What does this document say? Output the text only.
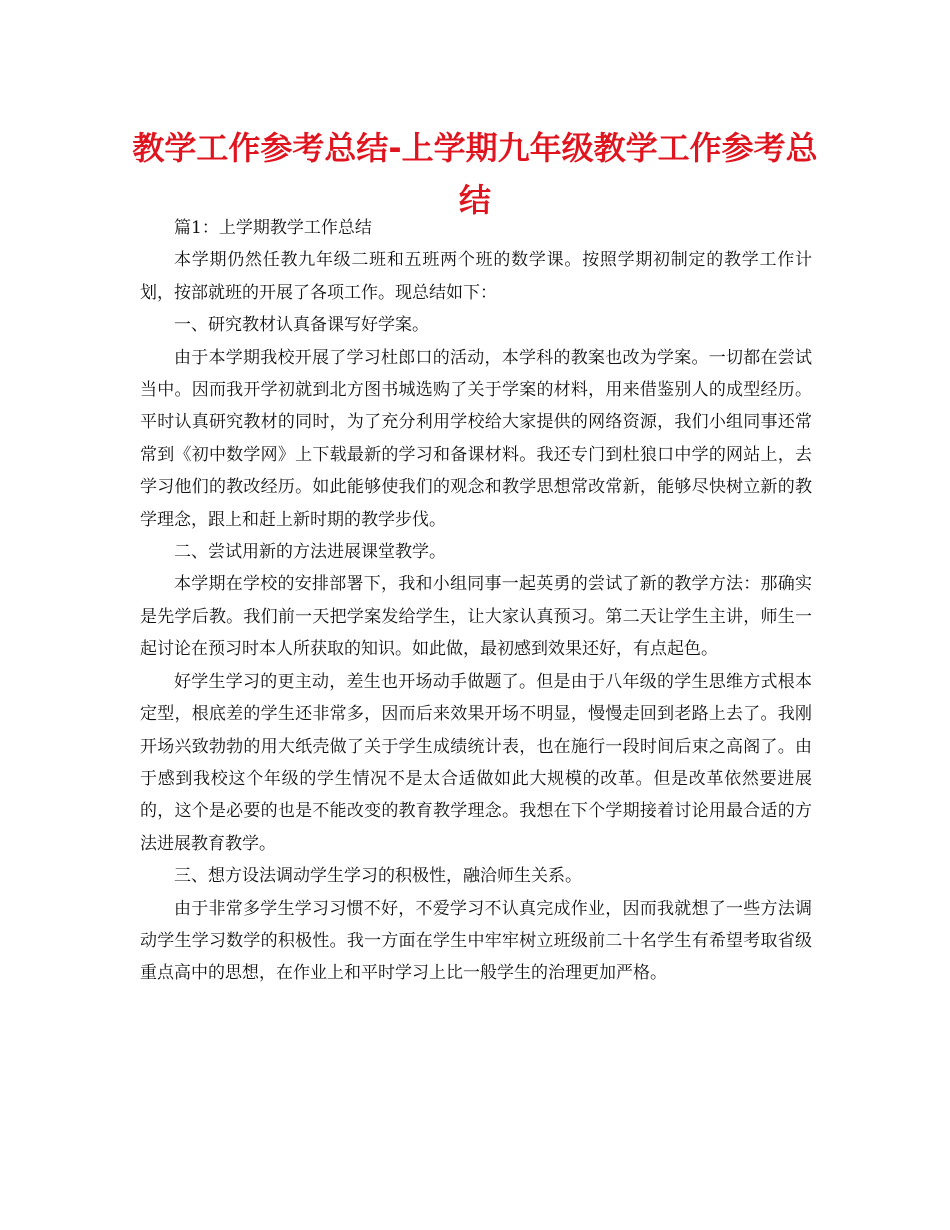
教学工作参考总结-上学期九年级教学工作参考总结

篇1：上学期教学工作总结

本学期仍然任教九年级二班和五班两个班的数学课。按照学期初制定的教学工作计划，按部就班的开展了各项工作。现总结如下：

一、研究教材认真备课写好学案。

由于本学期我校开展了学习杜郎口的活动，本学科的教案也改为学案。一切都在尝试当中。因而我开学初就到北方图书城选购了关于学案的材料，用来借鉴别人的成型经历。平时认真研究教材的同时，为了充分利用学校给大家提供的网络资源，我们小组同事还常常到《初中数学网》上下载最新的学习和备课材料。我还专门到杜狼口中学的网站上，去学习他们的教改经历。如此能够使我们的观念和教学思想常改常新，能够尽快树立新的教学理念，跟上和赶上新时期的教学步伐。

二、尝试用新的方法进展课堂教学。

本学期在学校的安排部署下，我和小组同事一起英勇的尝试了新的教学方法：那确实是先学后教。我们前一天把学案发给学生，让大家认真预习。第二天让学生主讲，师生一起讨论在预习时本人所获取的知识。如此做，最初感到效果还好，有点起色。

好学生学习的更主动，差生也开场动手做题了。但是由于八年级的学生思维方式根本定型，根底差的学生还非常多，因而后来效果开场不明显，慢慢走回到老路上去了。我刚开场兴致勃勃的用大纸壳做了关于学生成绩统计表，也在施行一段时间后束之高阁了。由于感到我校这个年级的学生情况不是太合适做如此大规模的改革。但是改革依然要进展的，这个是必要的也是不能改变的教育教学理念。我想在下个学期接着讨论用最合适的方法进展教育教学。

三、想方设法调动学生学习的积极性，融洽师生关系。

由于非常多学生学习习惯不好，不爱学习不认真完成作业，因而我就想了一些方法调动学生学习数学的积极性。我一方面在学生中牢牢树立班级前二十名学生有希望考取省级重点高中的思想，在作业上和平时学习上比一般学生的治理更加严格。
